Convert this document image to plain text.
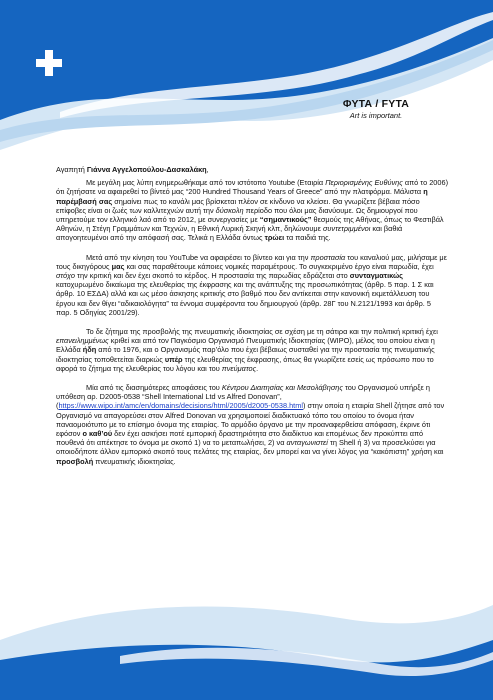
ΦΥΤΑ / FYTA
Art is important.

Αγαπητή Γιάννα Αγγελοπούλου-Δασκαλάκη,

Με μεγάλη μας λύπη ενημερωθήκαμε από τον ιστότοπο Youtube (Εταιρία Περιορισμένης Ευθύνης από το 2006) ότι ζητήσατε να αφαιρεθεί το βίντεό μας “200 Hundred Thousand Years of Greece” από την πλατφόρμα. Μάλιστα η παρέμβασή σας σημαίνει πως το κανάλι μας βρίσκεται πλέον σε κίνδυνο να κλείσει. Θα γνωρίζετε βέβαια πόσο επίφοβες είναι οι ζωές των καλλιτεχνών αυτή την δύσκολη περίοδο που όλοι μας διανύουμε. Ως δημιουργοί που υπηρετούμε τον ελληνικό λαό από το 2012, με συνεργασίες με “σημαντικούς” θεσμούς της Αθήνας, όπως το Φεστιβάλ Αθηνών, η Στέγη Γραμμάτων και Τεχνών, η Εθνική Λυρική Σκηνή κλπ, δηλώνουμε συντετριμμένοι και βαθιά απογοητευμένοι από την απόφασή σας. Τελικά η Ελλάδα όντως τρώει τα παιδιά της.

Μετά από την κίνηση του YouTube να αφαιρέσει το βίντεο και για την προστασία του καναλιού μας, μιλήσαμε με τους δικηγόρους μας και σας παραθέτουμε κάποιες νομικές παραμέτρους. Το συγκεκριμένο έργο είναι παρωδία, έχει στόχο την κριτική και δεν έχει σκοπό το κέρδος. Η προστασία της παρωδίας εδράζεται στο συνταγματικώς κατοχυρωμένο δικαίωμα της ελευθερίας της έκφρασης και της ανάπτυξης της προσωπικότητας (άρθρ. 5 παρ. 1 Σ και άρθρ. 10 ΕΣΔΑ) αλλά και ως μέσο άσκησης κριτικής στο βαθμό που δεν αντίκειται στην κανονική εκμετάλλευση του έργου και δεν θίγει “αδικαιολόγητα” τα έννομα συμφέροντα του δημιουργού (άρθρ. 28Γ του Ν.2121/1993 και άρθρ. 5 παρ. 5 Οδηγίας 2001/29).

Το δε ζήτημα της προσβολής της πνευματικής ιδιοκτησίας σε σχέση με τη σάτιρα και την πολιτική κριτική έχει επανειλημμένως κριθεί και από τον Παγκόσμιο Οργανισμό Πνευματικής Ιδιοκτησίας (WIPO), μέλος του οποίου είναι η Ελλάδα ήδη από το 1976, και ο Οργανισμός παρ’όλο που έχει βέβαιως συσταθεί για την προστασία της πνευματικής ιδιοκτησίας τοποθετείται διαρκώς υπέρ της ελευθερίας της έκφρασης, όπως θα γνωρίζετε εσείς ως πρόσωπο που το αφορά το ζήτημα της ελευθερίας του λόγου και του πνεύματος.

Μία από τις διασημότερες αποφάσεις του Κέντρου Διαιτησίας και Μεσολάβησης του Οργανισμού υπήρξε η υπόθεση αρ. D2005-0538 “Shell International Ltd vs Alfred Donovan”, (https://www.wipo.int/amc/en/domains/decisions/html/2005/d2005-0538.html) στην οποία η εταιρία Shell ζήτησε από τον Οργανισμό να απαγορεύσει στον Alfred Donovan να χρησιμοποιεί διαδικτυακό τόπο του οποίου το όνομα ήταν παναομοιότυπο με το επίσημο όνομα της εταιρίας. Το αρμόδιο όργανο με την προαναφερθείσα απόφαση, έκρινε ότι εφόσον ο καθ’ού δεν έχει ασκήσει ποτέ εμπορική δραστηριότητα στο διαδίκτυο και επομένως δεν προκύπτει από πουθενά ότι απέκτησε το όνομα με σκοπό 1) να το μεταπωλήσει, 2) να ανταγωνιστεί τη Shell ή 3) να προσελκύσει για οποιοδήποτε άλλον εμπορικό σκοπό τους πελάτες της εταιρίας, δεν μπορεί και να γίνει λόγος για “κακόπιστη” χρήση και προσβολή πνευματικής ιδιοκτησίας.
